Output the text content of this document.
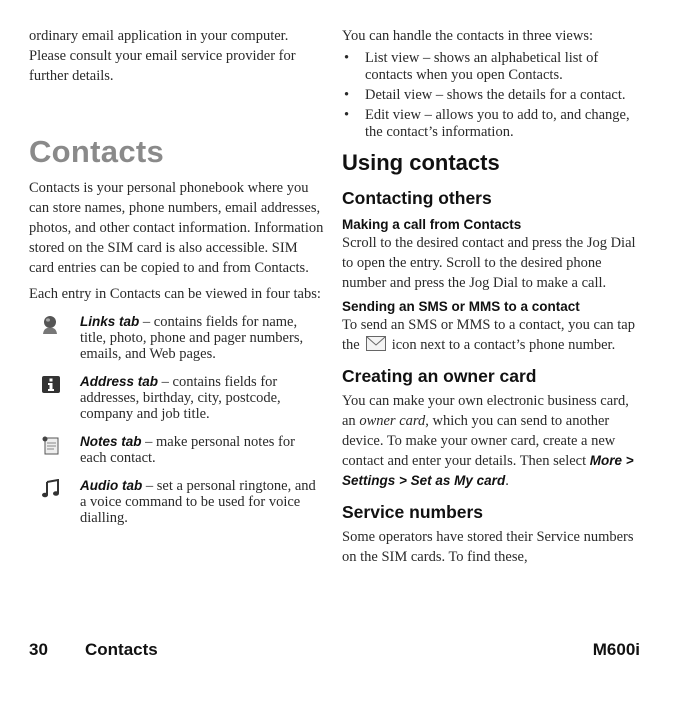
ordinary email application in your computer. Please consult your email service provider for further details.

Contacts

Contacts is your personal phonebook where you can store names, phone numbers, email addresses, photos, and other contact information. Information stored on the SIM card is also accessible. SIM card entries can be copied to and from Contacts.

Each entry in Contacts can be viewed in four tabs:

Links tab – contains fields for name, title, photo, phone and pager numbers, emails, and Web pages.
Address tab – contains fields for addresses, birthday, city, postcode, company and job title.
Notes tab – make personal notes for each contact.
Audio tab – set a personal ringtone, and a voice command to be used for voice dialling.

You can handle the contacts in three views:

• List view – shows an alphabetical list of contacts when you open Contacts.
• Detail view – shows the details for a contact.
• Edit view – allows you to add to, and change, the contact’s information.
Using contacts
Contacting others
Making a call from Contacts

Scroll to the desired contact and press the Jog Dial to open the entry. Scroll to the desired phone number and press the Jog Dial to make a call.

Sending an SMS or MMS to a contact

To send an SMS or MMS to a contact, you can tap the icon next to a contact’s phone number.

Creating an owner card

You can make your own electronic business card, an owner card, which you can send to another device. To make your owner card, create a new contact and enter your details. Then select More > Settings > Set as My card.

Service numbers

Some operators have stored their Service numbers on the SIM cards. To find these,

30 Contacts	M600i
